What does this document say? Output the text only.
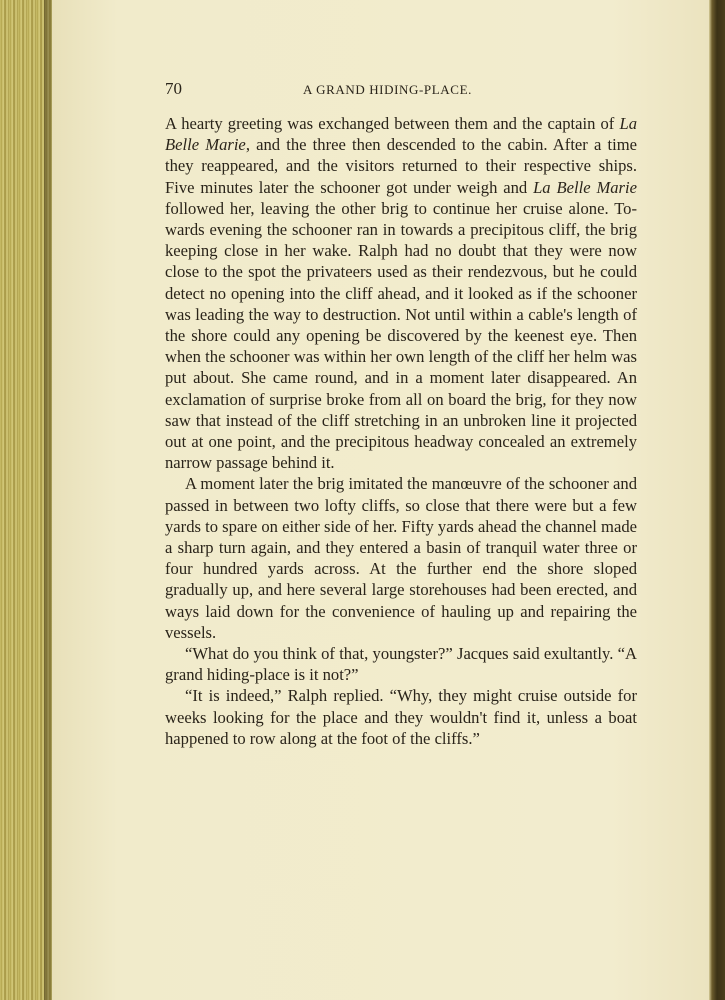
70	A GRAND HIDING-PLACE.

A hearty greeting was exchanged between them and the captain of La Belle Marie, and the three then descended to the cabin. After a time they reappeared, and the visitors returned to their respective ships. Five minutes later the schooner got under weigh and La Belle Marie followed her, leaving the other brig to continue her cruise alone. Towards evening the schooner ran in towards a precipitous cliff, the brig keeping close in her wake. Ralph had no doubt that they were now close to the spot the privateers used as their rendezvous, but he could detect no opening into the cliff ahead, and it looked as if the schooner was leading the way to destruction. Not until within a cable's length of the shore could any opening be discovered by the keenest eye. Then when the schooner was within her own length of the cliff her helm was put about. She came round, and in a moment later disappeared. An exclamation of surprise broke from all on board the brig, for they now saw that instead of the cliff stretching in an unbroken line it projected out at one point, and the precipitous headway concealed an extremely narrow passage behind it.

A moment later the brig imitated the manœuvre of the schooner and passed in between two lofty cliffs, so close that there were but a few yards to spare on either side of her. Fifty yards ahead the channel made a sharp turn again, and they entered a basin of tranquil water three or four hundred yards across. At the further end the shore sloped gradually up, and here several large storehouses had been erected, and ways laid down for the convenience of hauling up and repairing the vessels.

“What do you think of that, youngster?” Jacques said exultantly. “A grand hiding-place is it not?”

“It is indeed,” Ralph replied. “Why, they might cruise outside for weeks looking for the place and they wouldn't find it, unless a boat happened to row along at the foot of the cliffs.”
